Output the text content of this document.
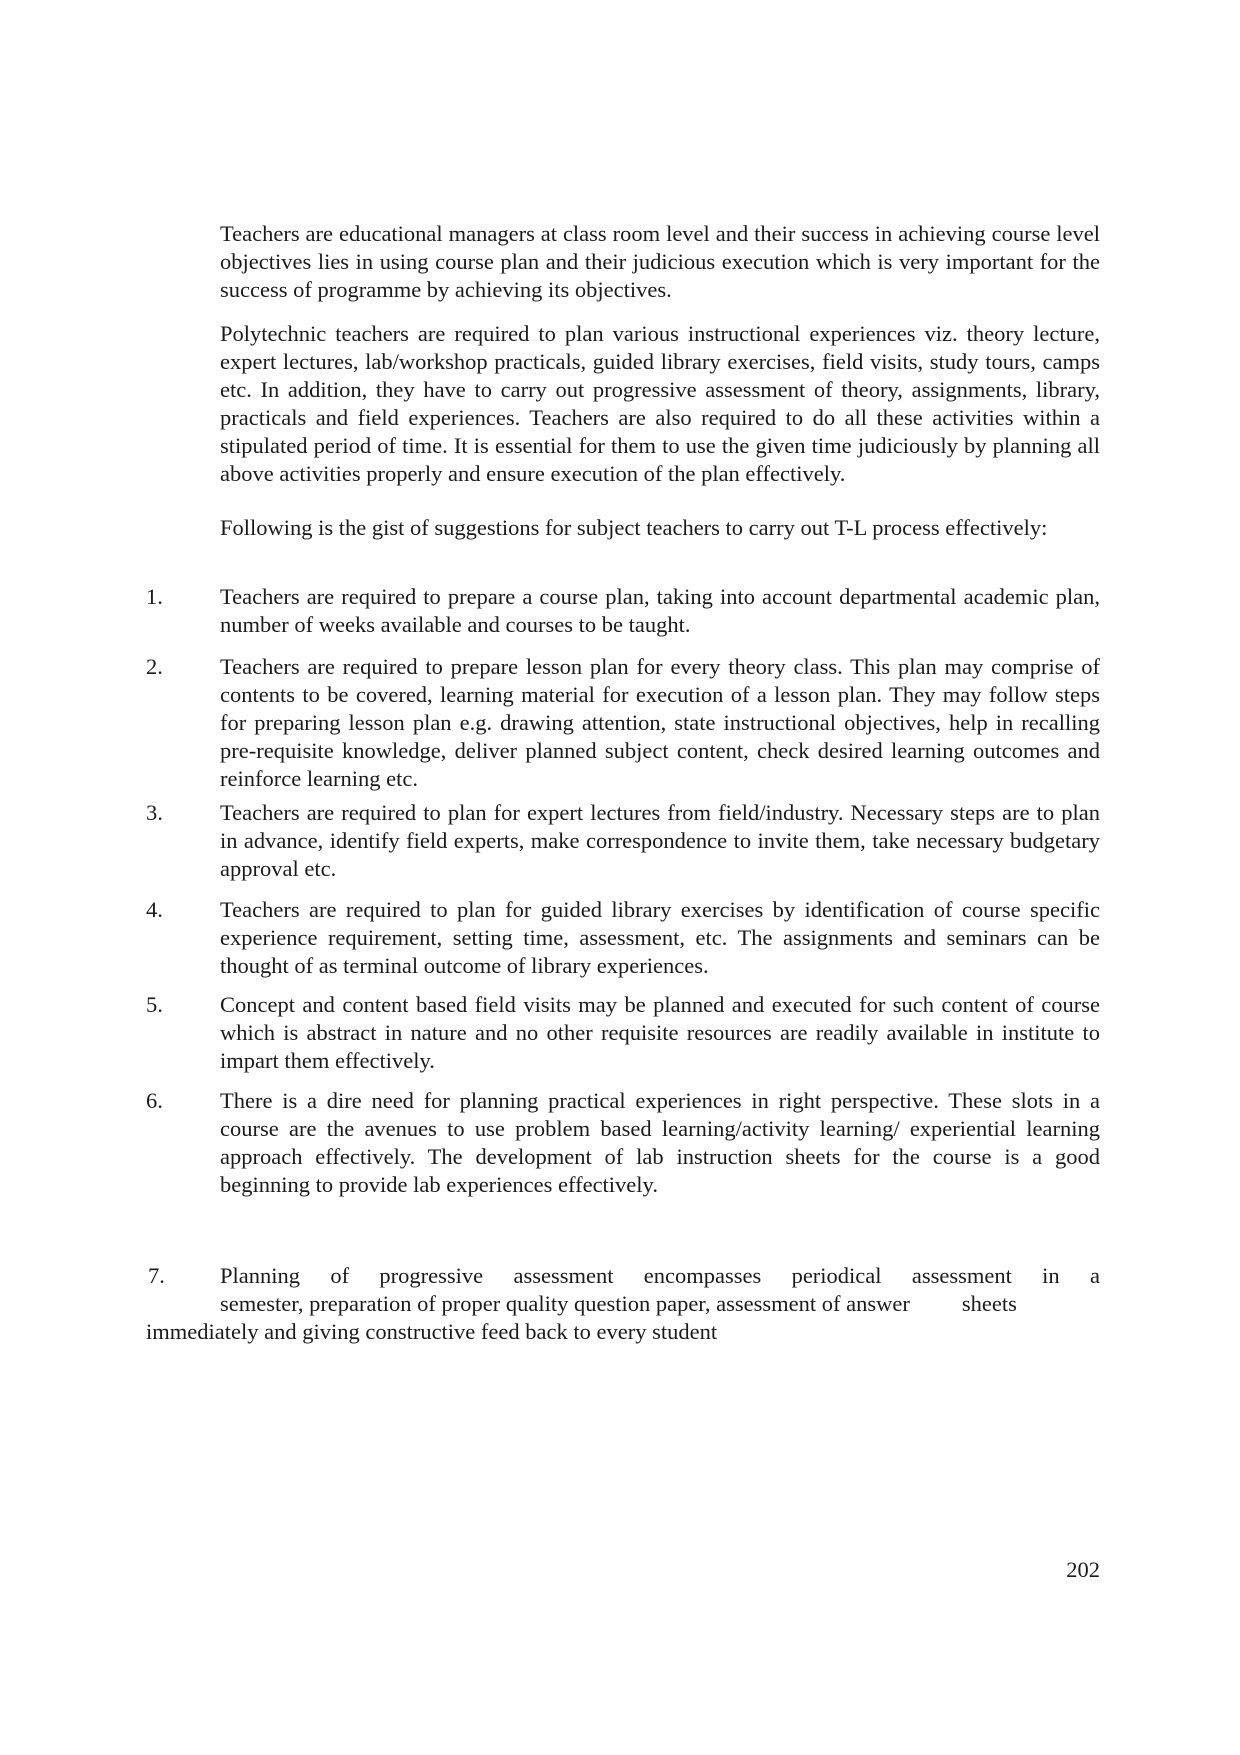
Teachers are educational managers at class room level and their success in achieving course level objectives lies in using course plan and their judicious execution which is very important for the success of programme by achieving its objectives.

Polytechnic teachers are required to plan various instructional experiences viz. theory lecture, expert lectures, lab/workshop practicals, guided library exercises, field visits, study tours, camps etc. In addition, they have to carry out progressive assessment of theory, assignments, library, practicals and field experiences. Teachers are also required to do all these activities within a stipulated period of time. It is essential for them to use the given time judiciously by planning all above activities properly and ensure execution of the plan effectively.

Following is the gist of suggestions for subject teachers to carry out T-L process effectively:

1.	Teachers are required to prepare a course plan, taking into account departmental academic plan, number of weeks available and courses to be taught.
2.	Teachers are required to prepare lesson plan for every theory class. This plan may comprise of contents to be covered, learning material for execution of a lesson plan. They may follow steps for preparing lesson plan e.g. drawing attention, state instructional objectives, help in recalling pre-requisite knowledge, deliver planned subject content, check desired learning outcomes and reinforce learning etc.
3.	Teachers are required to plan for expert lectures from field/industry. Necessary steps are to plan in advance, identify field experts, make correspondence to invite them, take necessary budgetary approval etc.
4.	Teachers are required to plan for guided library exercises by identification of course specific experience requirement, setting time, assessment, etc. The assignments and seminars can be thought of as terminal outcome of library experiences.
5.	Concept and content based field visits may be planned and executed for such content of course which is abstract in nature and no other requisite resources are readily available in institute to impart them effectively.
6.	There is a dire need for planning practical experiences in right perspective. These slots in a course are the avenues to use problem based learning/activity learning/ experiential learning approach effectively. The development of lab instruction sheets for the course is a good beginning to provide lab experiences effectively.
7. Planning of progressive assessment encompasses periodical assessment in a
semester, preparation of proper quality question paper, assessment of answer sheets
immediately and giving constructive feed back to every student
202
